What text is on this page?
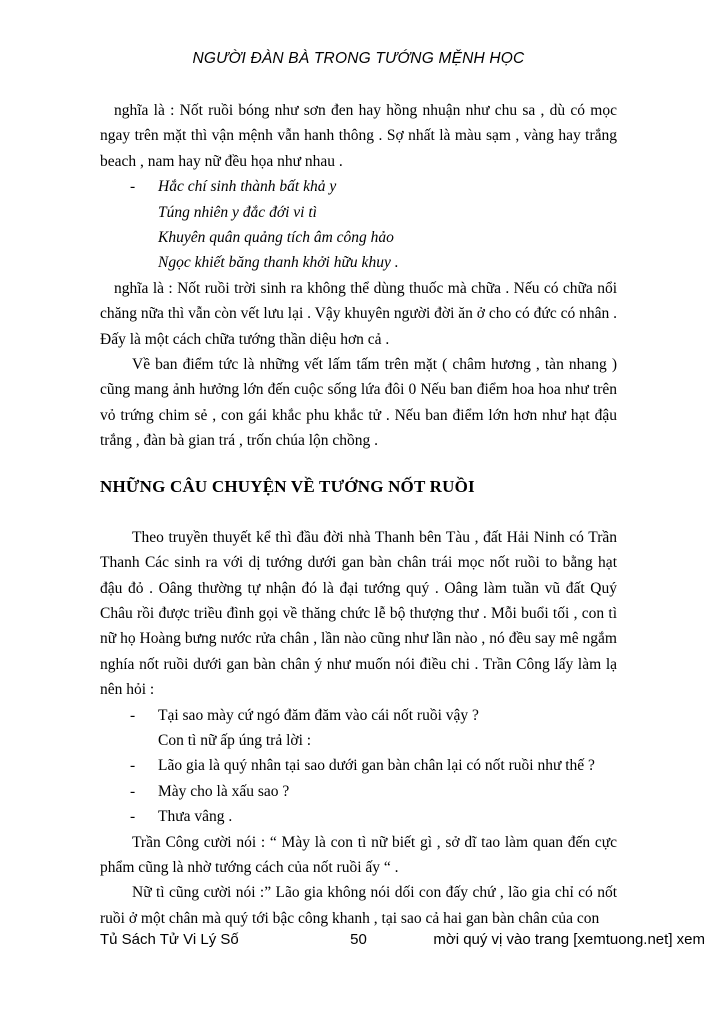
NGƯỜI ĐÀN BÀ TRONG TƯỚNG MỆNH HỌC

nghĩa là : Nốt ruồi bóng như sơn đen hay hồng nhuận như chu sa , dù có mọc ngay trên mặt thì vận mệnh vẫn hanh thông . Sợ nhất là màu sạm , vàng hay trắng beach , nam hay nữ đều họa như nhau .

-	Hắc chí sinh thành bất khả y
Túng nhiên y đắc đới vi tì
Khuyên quân quảng tích âm công hảo
Ngọc khiết băng thanh khởi hữu khuy .

nghĩa là : Nốt ruồi trời sinh ra không thể dùng thuốc mà chữa . Nếu có chữa nổi chăng nữa thì vẫn còn vết lưu lại . Vậy khuyên người đời ăn ở cho có đức có nhân . Đấy là một cách chữa tướng thần diệu hơn cả .

Về ban điểm tức là những vết lấm tấm trên mặt ( châm hương , tàn nhang ) cũng mang ảnh hưởng lớn đến cuộc sống lứa đôi 0 Nếu ban điểm hoa hoa như trên vỏ trứng chim sẻ , con gái khắc phu khắc tử . Nếu ban điểm lớn hơn như hạt đậu trắng , đàn bà gian trá , trốn chúa lộn chồng .

NHỮNG CÂU CHUYỆN VỀ TƯỚNG NỐT RUỒI

Theo truyền thuyết kể thì đầu đời nhà Thanh bên Tàu , đất Hải Ninh có Trần Thanh Các sinh ra với dị tướng dưới gan bàn chân trái mọc nốt ruồi to bằng hạt đậu đỏ . Oâng thường tự nhận đó là đại tướng quý . Oâng làm tuần vũ đất Quý Châu rồi được triều đình gọi về thăng chức lễ bộ thượng thư . Mỗi buổi tối , con tì nữ họ Hoàng bưng nước rửa chân , lần nào cũng như lần nào , nó đều say mê ngắm nghía nốt ruồi dưới gan bàn chân ý như muốn nói điều chi . Trần Công lấy làm lạ nên hỏi :

-	Tại sao mày cứ ngó đăm đăm vào cái nốt ruồi vậy ?
Con tì nữ ấp úng trả lời :
-	Lão gia là quý nhân tại sao dưới gan bàn chân lại có nốt ruồi như thế ?
-	Mày cho là xấu sao ?
-	Thưa vâng .

Trần Công cười nói : “ Mày là con tì nữ biết gì , sở dĩ tao làm quan đến cực phẩm cũng là nhờ tướng cách của nốt ruồi ấy “ .

Nữ tì cũng cười nói :” Lão gia không nói dối con đấy chứ , lão gia chỉ có nốt ruồi ở một chân mà quý tới bậc công khanh , tại sao cả hai gan bàn chân của con

50
Tủ Sách Tử Vi Lý Số	mời quý vị vào trang [xemtuong.net] xem
